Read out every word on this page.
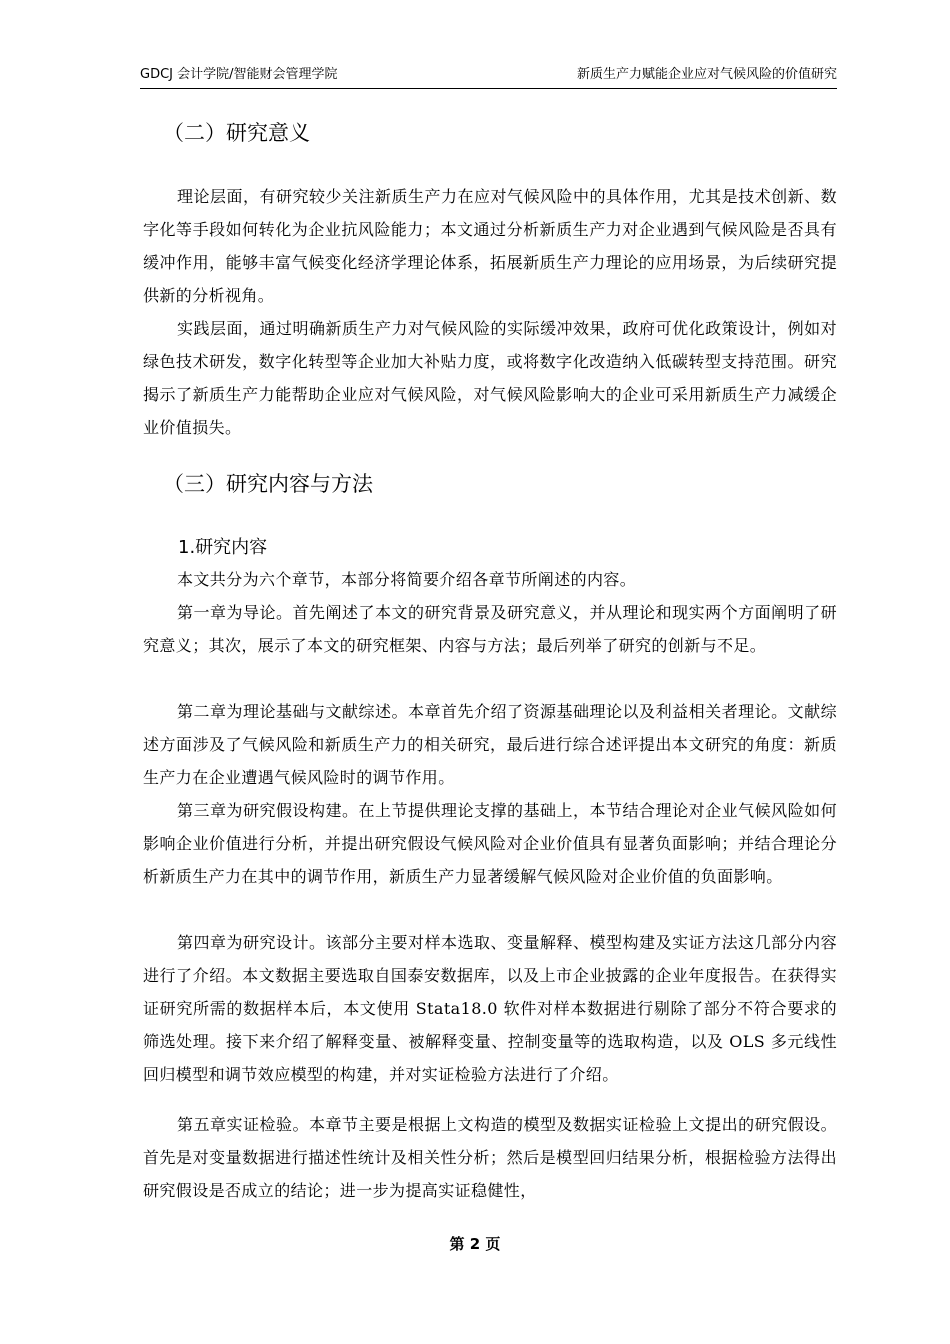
GDCJ 会计学院/智能财会管理学院	新质生产力赋能企业应对气候风险的价值研究
（二）研究意义

理论层面，有研究较少关注新质生产力在应对气候风险中的具体作用，尤其是技术创新、数字化等手段如何转化为企业抗风险能力；本文通过分析新质生产力对企业遇到气候风险是否具有缓冲作用，能够丰富气候变化经济学理论体系，拓展新质生产力理论的应用场景，为后续研究提供新的分析视角。

实践层面，通过明确新质生产力对气候风险的实际缓冲效果，政府可优化政策设计，例如对绿色技术研发，数字化转型等企业加大补贴力度，或将数字化改造纳入低碳转型支持范围。研究揭示了新质生产力能帮助企业应对气候风险，对气候风险影响大的企业可采用新质生产力减缓企业价值损失。

（三）研究内容与方法
1.研究内容

本文共分为六个章节，本部分将简要介绍各章节所阐述的内容。

第一章为导论。首先阐述了本文的研究背景及研究意义，并从理论和现实两个方面阐明了研究意义；其次，展示了本文的研究框架、内容与方法；最后列举了研究的创新与不足。

第二章为理论基础与文献综述。本章首先介绍了资源基础理论以及利益相关者理论。文献综述方面涉及了气候风险和新质生产力的相关研究，最后进行综合述评提出本文研究的角度：新质生产力在企业遭遇气候风险时的调节作用。

第三章为研究假设构建。在上节提供理论支撑的基础上，本节结合理论对企业气候风险如何影响企业价值进行分析，并提出研究假设气候风险对企业价值具有显著负面影响；并结合理论分析新质生产力在其中的调节作用，新质生产力显著缓解气候风险对企业价值的负面影响。

第四章为研究设计。该部分主要对样本选取、变量解释、模型构建及实证方法这几部分内容进行了介绍。本文数据主要选取自国泰安数据库，以及上市企业披露的企业年度报告。在获得实证研究所需的数据样本后，本文使用 Stata18.0 软件对样本数据进行剔除了部分不符合要求的筛选处理。接下来介绍了解释变量、被解释变量、控制变量等的选取构造，以及 OLS 多元线性回归模型和调节效应模型的构建，并对实证检验方法进行了介绍。

第五章实证检验。本章节主要是根据上文构造的模型及数据实证检验上文提出的研究假设。首先是对变量数据进行描述性统计及相关性分析；然后是模型回归结果分析，根据检验方法得出研究假设是否成立的结论；进一步为提高实证稳健性，

第 2 页
